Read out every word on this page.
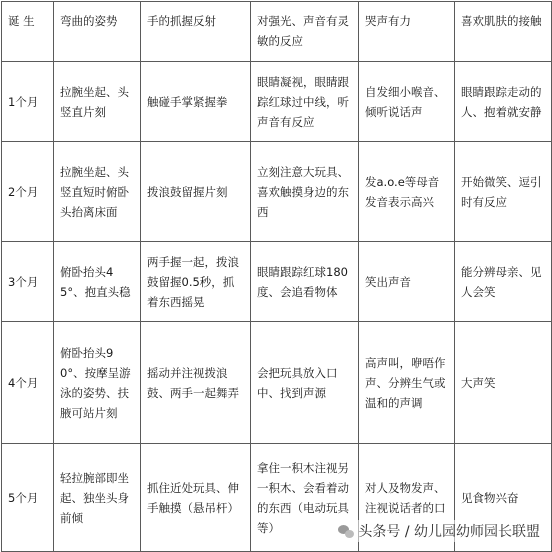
诞 生	弯曲的姿势	手的抓握反射	对强光、声音有灵敏的反应	哭声有力	喜欢肌肤的接触
1个月	拉腕坐起、头竖直片刻	触碰手掌紧握拳	眼睛凝视，眼睛跟踪红球过中线，听声音有反应	自发细小喉音、倾听说话声	眼睛跟踪走动的人、抱着就安静
2个月	拉腕坐起、头竖直短时俯卧头抬离床面	拨浪鼓留握片刻	立刻注意大玩具、喜欢触摸身边的东西	发a.o.e等母音发音表示高兴	开始微笑、逗引时有反应
3个月	俯卧抬头45°、抱直头稳	两手握一起，拨浪鼓留握0.5秒，抓着东西摇晃	眼睛跟踪红球180度、会追看物体	笑出声音	能分辨母亲、见人会笑
4个月	俯卧抬头90°、按摩呈游泳的姿势、扶腋可站片刻	摇动并注视拨浪鼓、两手一起舞弄	会把玩具放入口中、找到声源	高声叫，咿唔作声、分辨生气或温和的声调	大声笑
5个月	轻拉腕部即坐起、独坐头身前倾	抓住近处玩具、伸手触摸（悬吊杆）	拿住一积木注视另一积木、会看着动的东西（电动玩具等）	对人及物发声、注视说话者的口	见食物兴奋
头条号 / 幼儿园幼师园长联盟
